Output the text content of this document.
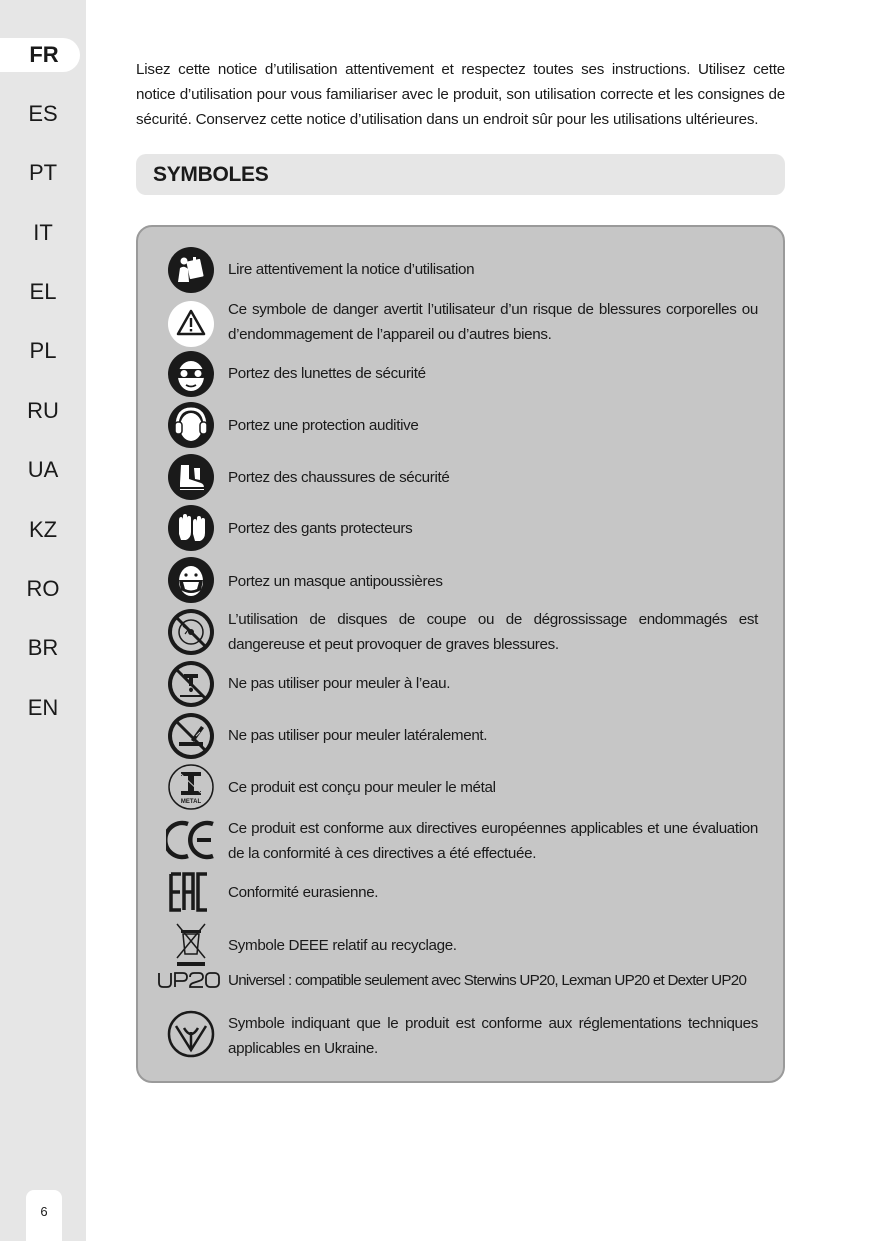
FR
ES
PT
IT
EL
PL
RU
UA
KZ
RO
BR
EN
6
Lisez cette notice d’utilisation attentivement et respectez toutes ses instructions. Utilisez cette notice d’utilisation pour vous familiariser avec le produit, son utilisation correcte et les consignes de sécurité. Conservez cette notice d’utilisation dans un endroit sûr pour les utilisations ultérieures.
SYMBOLES
Lire attentivement la notice d’utilisation
Ce symbole de danger avertit l’utilisateur d’un risque de blessures corporelles ou d’endommagement de l’appareil ou d’autres biens.
Portez des lunettes de sécurité
Portez une protection auditive
Portez des chaussures de sécurité
Portez des gants protecteurs
Portez un masque antipoussières
L’utilisation de disques de coupe ou de dégrossissage endommagés est dangereuse et peut provoquer de graves blessures.
Ne pas utiliser pour meuler à l’eau.
Ne pas utiliser pour meuler latéralement.
METAL
Ce produit est conçu pour meuler le métal
Ce produit est conforme aux directives européennes applicables et une évaluation de la conformité à ces directives a été effectuée.
Conformité eurasienne.
Symbole DEEE relatif au recyclage.
Universel : compatible seulement avec Sterwins UP20, Lexman UP20 et Dexter UP20
Symbole indiquant que le produit est conforme aux réglementations techniques applicables en Ukraine.
